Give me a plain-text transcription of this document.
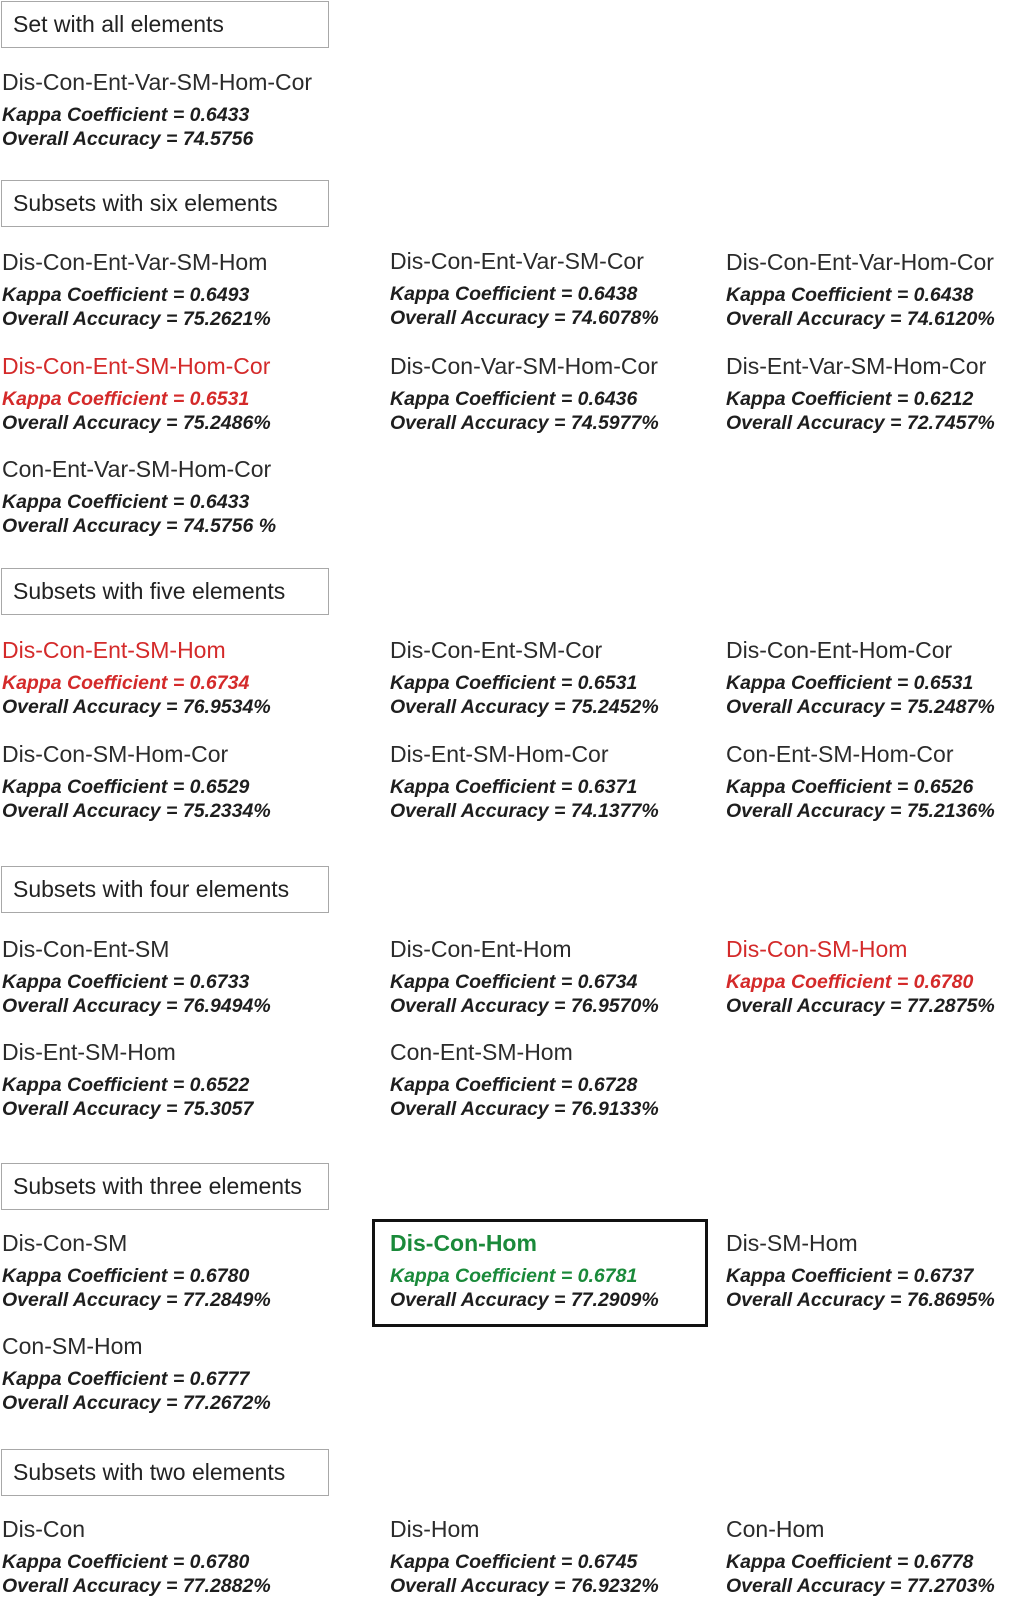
Set with all elements
Dis-Con-Ent-Var-SM-Hom-Cor
Kappa Coefficient = 0.6433
Overall Accuracy = 74.5756
Subsets with six elements
Dis-Con-Ent-Var-SM-Hom
Kappa Coefficient = 0.6493
Overall Accuracy = 75.2621%
Dis-Con-Ent-Var-SM-Cor
Kappa Coefficient = 0.6438
Overall Accuracy = 74.6078%
Dis-Con-Ent-Var-Hom-Cor
Kappa Coefficient = 0.6438
Overall Accuracy = 74.6120%
Dis-Con-Ent-SM-Hom-Cor
Kappa Coefficient = 0.6531
Overall Accuracy = 75.2486%
Dis-Con-Var-SM-Hom-Cor
Kappa Coefficient = 0.6436
Overall Accuracy = 74.5977%
Dis-Ent-Var-SM-Hom-Cor
Kappa Coefficient = 0.6212
Overall Accuracy = 72.7457%
Con-Ent-Var-SM-Hom-Cor
Kappa Coefficient = 0.6433
Overall Accuracy = 74.5756 %
Subsets with five elements
Dis-Con-Ent-SM-Hom
Kappa Coefficient = 0.6734
Overall Accuracy = 76.9534%
Dis-Con-Ent-SM-Cor
Kappa Coefficient = 0.6531
Overall Accuracy = 75.2452%
Dis-Con-Ent-Hom-Cor
Kappa Coefficient = 0.6531
Overall Accuracy = 75.2487%
Dis-Con-SM-Hom-Cor
Kappa Coefficient = 0.6529
Overall Accuracy = 75.2334%
Dis-Ent-SM-Hom-Cor
Kappa Coefficient = 0.6371
Overall Accuracy = 74.1377%
Con-Ent-SM-Hom-Cor
Kappa Coefficient = 0.6526
Overall Accuracy = 75.2136%
Subsets with four elements
Dis-Con-Ent-SM
Kappa Coefficient = 0.6733
Overall Accuracy = 76.9494%
Dis-Con-Ent-Hom
Kappa Coefficient = 0.6734
Overall Accuracy = 76.9570%
Dis-Con-SM-Hom
Kappa Coefficient = 0.6780
Overall Accuracy = 77.2875%
Dis-Ent-SM-Hom
Kappa Coefficient = 0.6522
Overall Accuracy = 75.3057
Con-Ent-SM-Hom
Kappa Coefficient = 0.6728
Overall Accuracy = 76.9133%
Subsets with three elements
Dis-Con-SM
Kappa Coefficient = 0.6780
Overall Accuracy = 77.2849%
Dis-Con-Hom
Kappa Coefficient = 0.6781
Overall Accuracy = 77.2909%
Dis-SM-Hom
Kappa Coefficient = 0.6737
Overall Accuracy = 76.8695%
Con-SM-Hom
Kappa Coefficient = 0.6777
Overall Accuracy = 77.2672%
Subsets with two elements
Dis-Con
Kappa Coefficient = 0.6780
Overall Accuracy = 77.2882%
Dis-Hom
Kappa Coefficient = 0.6745
Overall Accuracy = 76.9232%
Con-Hom
Kappa Coefficient = 0.6778
Overall Accuracy = 77.2703%
